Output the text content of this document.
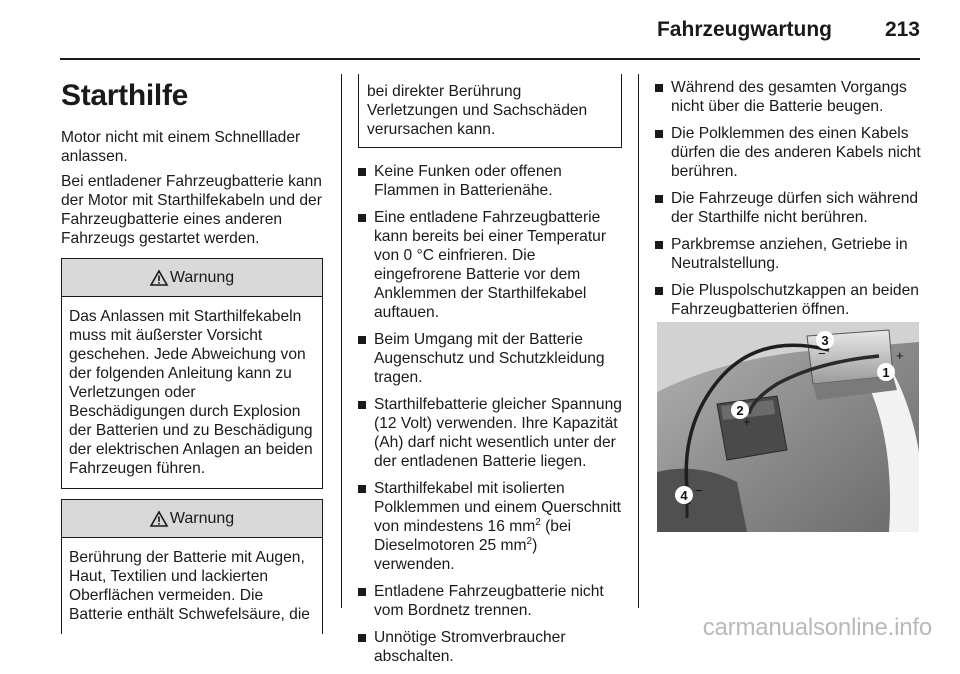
Fahrzeugwartung	213
Starthilfe

Motor nicht mit einem Schnelllader anlassen.

Bei entladener Fahrzeugbatterie kann der Motor mit Starthilfekabeln und der Fahrzeugbatterie eines anderen Fahrzeugs gestartet werden.

Warnung
Das Anlassen mit Starthilfekabeln muss mit äußerster Vorsicht geschehen. Jede Abweichung von der folgenden Anleitung kann zu Verletzungen oder Beschädigungen durch Explosion der Batterien und zu Beschädigung der elektrischen Anlagen an beiden Fahrzeugen führen.
Warnung
Berührung der Batterie mit Augen, Haut, Textilien und lackierten Oberflächen vermeiden. Die Batterie enthält Schwefelsäure, die
bei direkter Berührung Verletzungen und Sachschäden verursachen kann.
Keine Funken oder offenen Flammen in Batterienähe.
Eine entladene Fahrzeugbatterie kann bereits bei einer Temperatur von 0 °C einfrieren. Die eingefrorene Batterie vor dem Anklemmen der Starthilfekabel auftauen.
Beim Umgang mit der Batterie Augenschutz und Schutzkleidung tragen.
Starthilfebatterie gleicher Spannung (12 Volt) verwenden. Ihre Kapazität (Ah) darf nicht wesentlich unter der der entladenen Batterie liegen.
Starthilfekabel mit isolierten Polklemmen und einem Querschnitt von mindestens 16 $mm^2$ (bei Dieselmotoren 25 $mm^2$) verwenden.
Entladene Fahrzeugbatterie nicht vom Bordnetz trennen.
Unnötige Stromverbraucher abschalten.
Während des gesamten Vorgangs nicht über die Batterie beugen.
Die Polklemmen des einen Kabels dürfen die des anderen Kabels nicht berühren.
Die Fahrzeuge dürfen sich während der Starthilfe nicht berühren.
Parkbremse anziehen, Getriebe in Neutralstellung.
Die Pluspolschutzkappen an beiden Fahrzeugbatterien öffnen.
1
+
2
+
3
−
4 −
carmanualsonline.info
